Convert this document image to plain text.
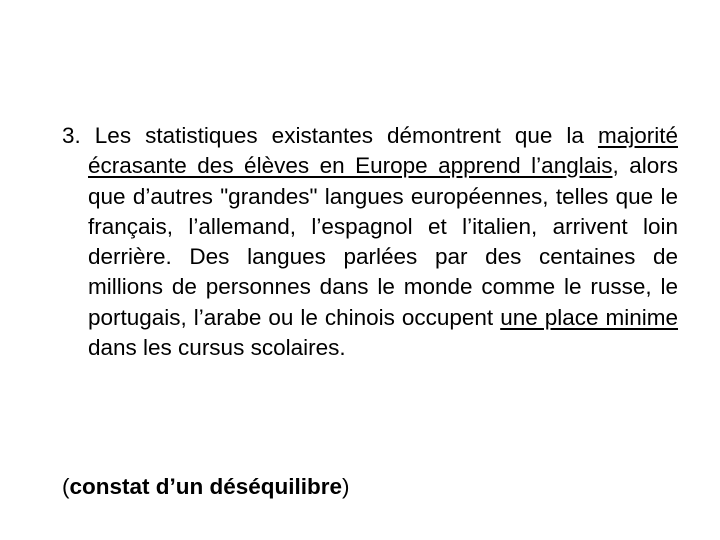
3. Les statistiques existantes démontrent que la majorité écrasante des élèves en Europe apprend l’anglais, alors que d’autres "grandes" langues européennes, telles que le français, l’allemand, l’espagnol et l’italien, arrivent loin derrière. Des langues parlées par des centaines de millions de personnes dans le monde comme le russe, le portugais, l’arabe ou le chinois occupent une place minime dans les cursus scolaires.

(constat d’un déséquilibre)
